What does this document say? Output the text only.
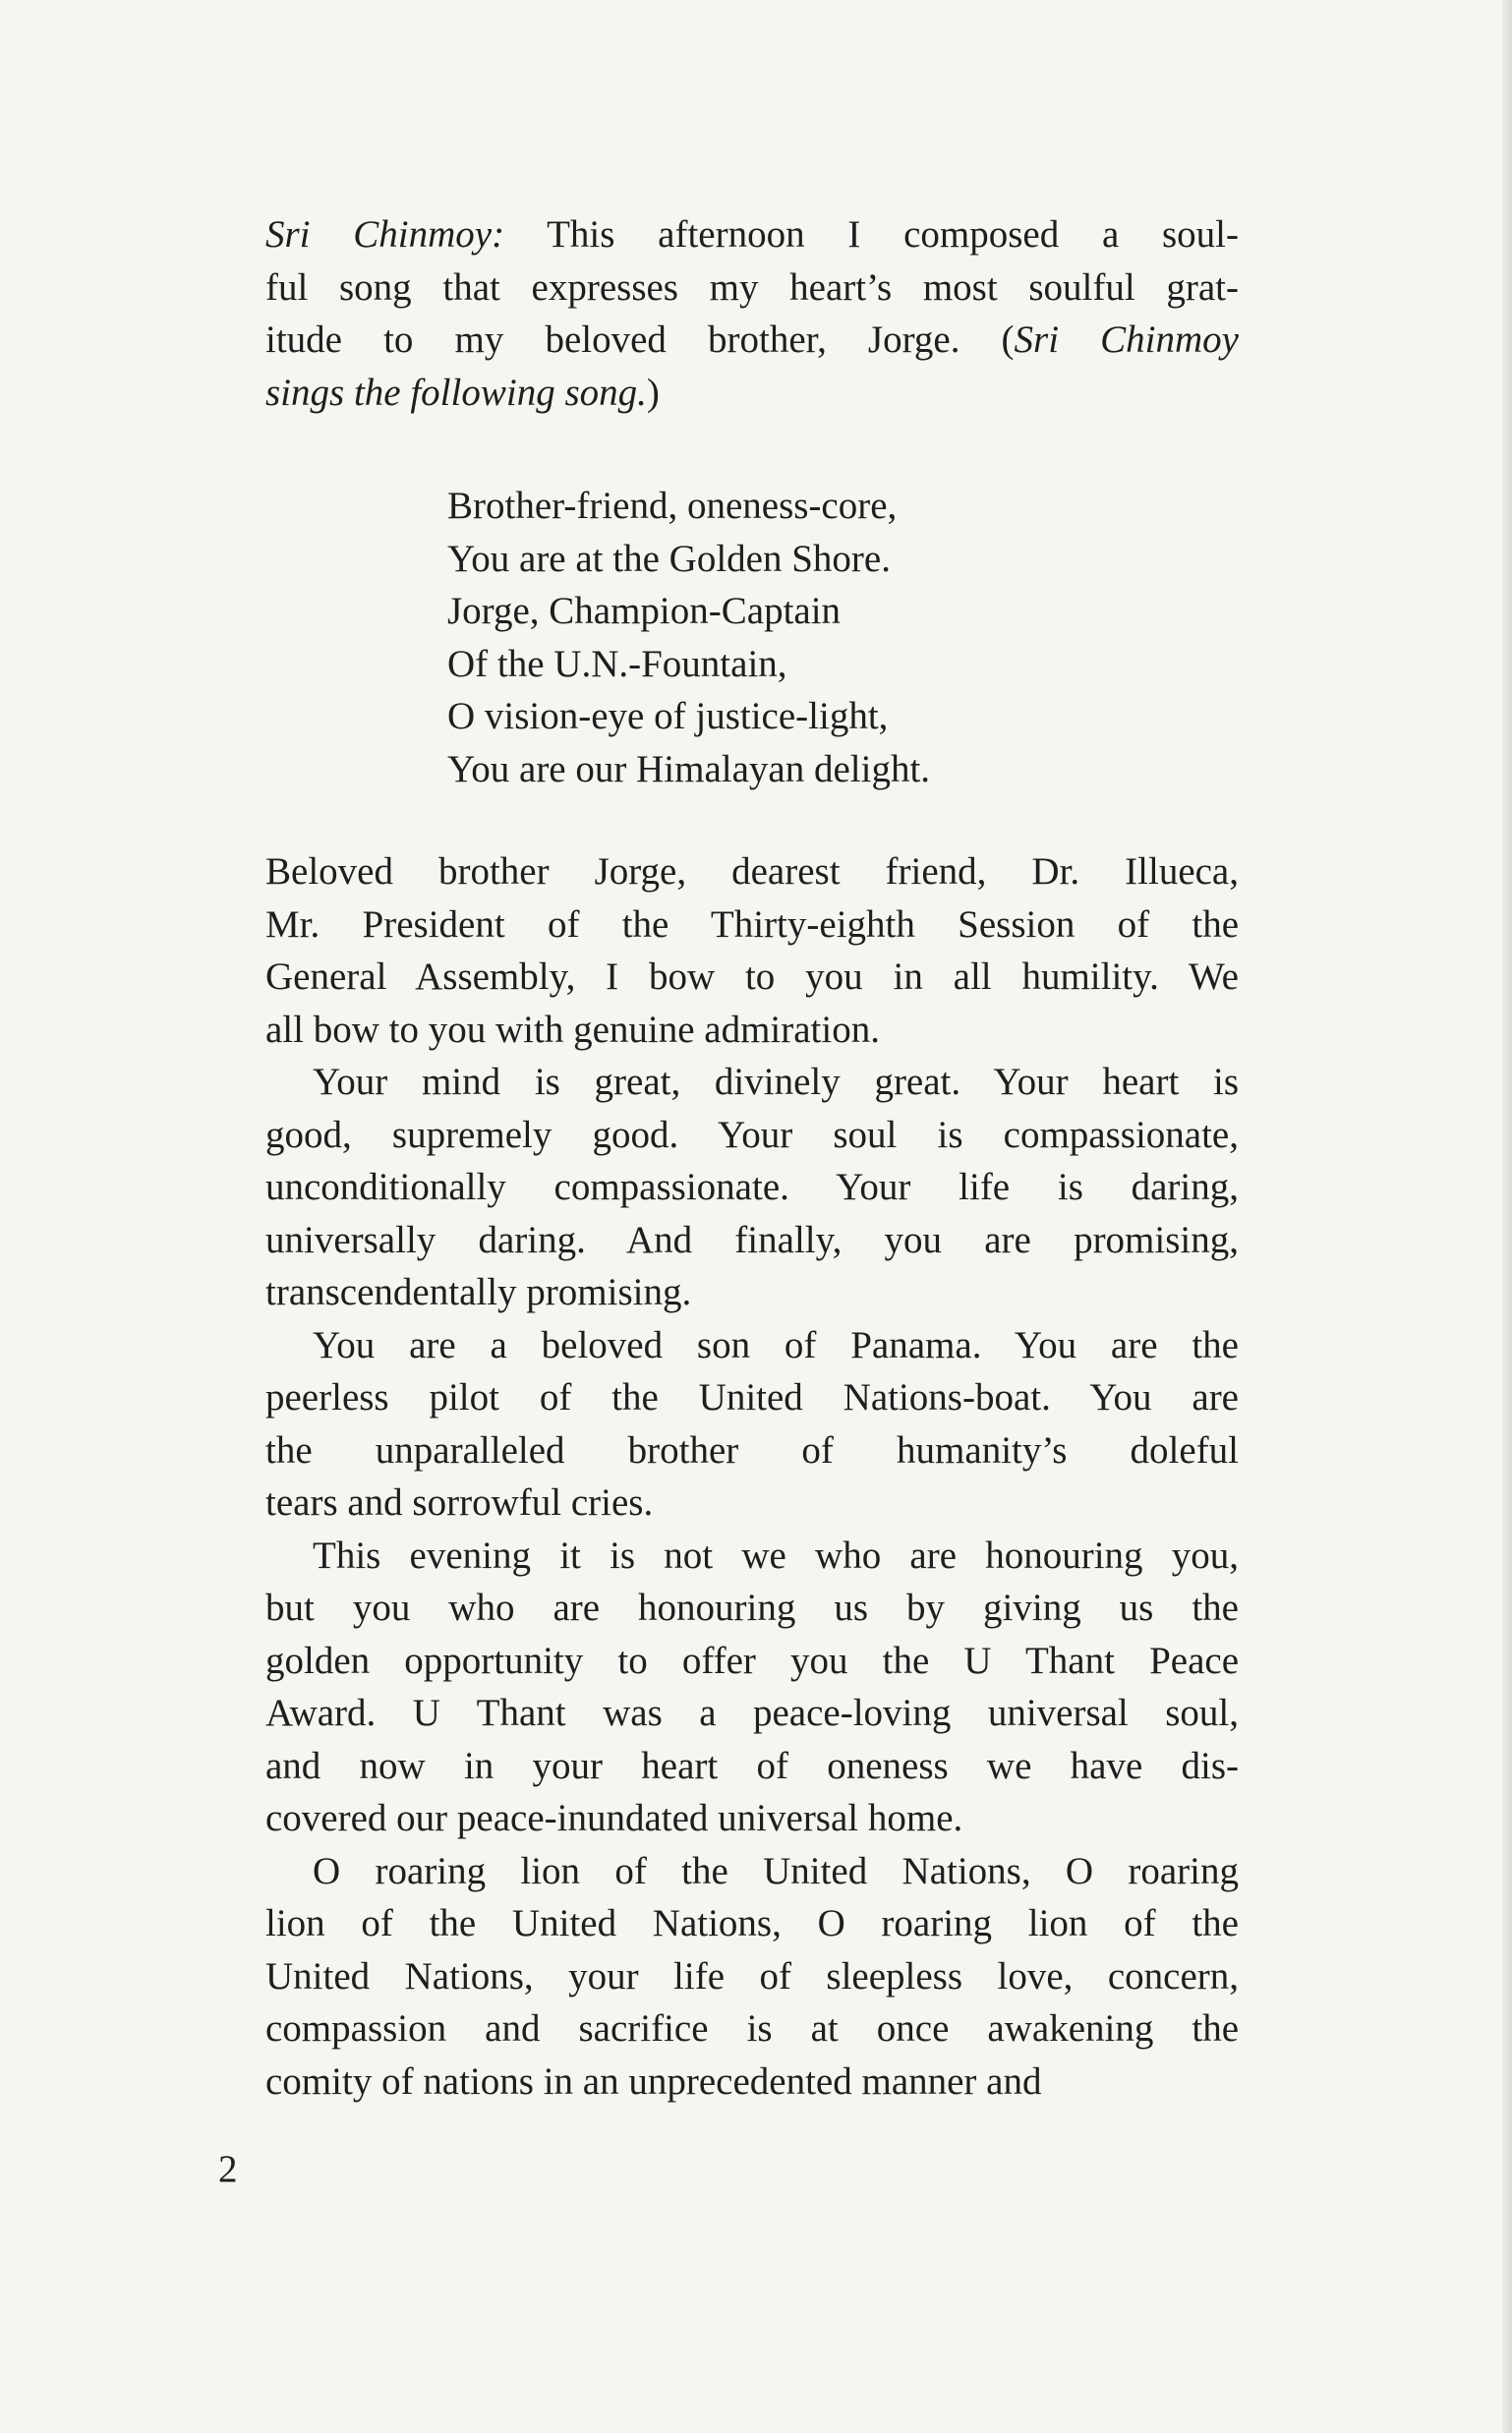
Sri Chinmoy: This afternoon I composed a soul-
ful song that expresses my heart’s most soulful grat-
itude to my beloved brother, Jorge. (Sri Chinmoy
sings the following song.)
Brother-friend, oneness-core,
You are at the Golden Shore.
Jorge, Champion-Captain
Of the U.N.-Fountain,
O vision-eye of justice-light,
You are our Himalayan delight.
Beloved brother Jorge, dearest friend, Dr. Illueca,
Mr. President of the Thirty-eighth Session of the
General Assembly, I bow to you in all humility. We
all bow to you with genuine admiration.
Your mind is great, divinely great. Your heart is
good, supremely good. Your soul is compassionate,
unconditionally compassionate. Your life is daring,
universally daring. And finally, you are promising,
transcendentally promising.
You are a beloved son of Panama. You are the
peerless pilot of the United Nations-boat. You are
the unparalleled brother of humanity’s doleful
tears and sorrowful cries.
This evening it is not we who are honouring you,
but you who are honouring us by giving us the
golden opportunity to offer you the U Thant Peace
Award. U Thant was a peace-loving universal soul,
and now in your heart of oneness we have dis-
covered our peace-inundated universal home.
O roaring lion of the United Nations, O roaring
lion of the United Nations, O roaring lion of the
United Nations, your life of sleepless love, concern,
compassion and sacrifice is at once awakening the
comity of nations in an unprecedented manner and
2
